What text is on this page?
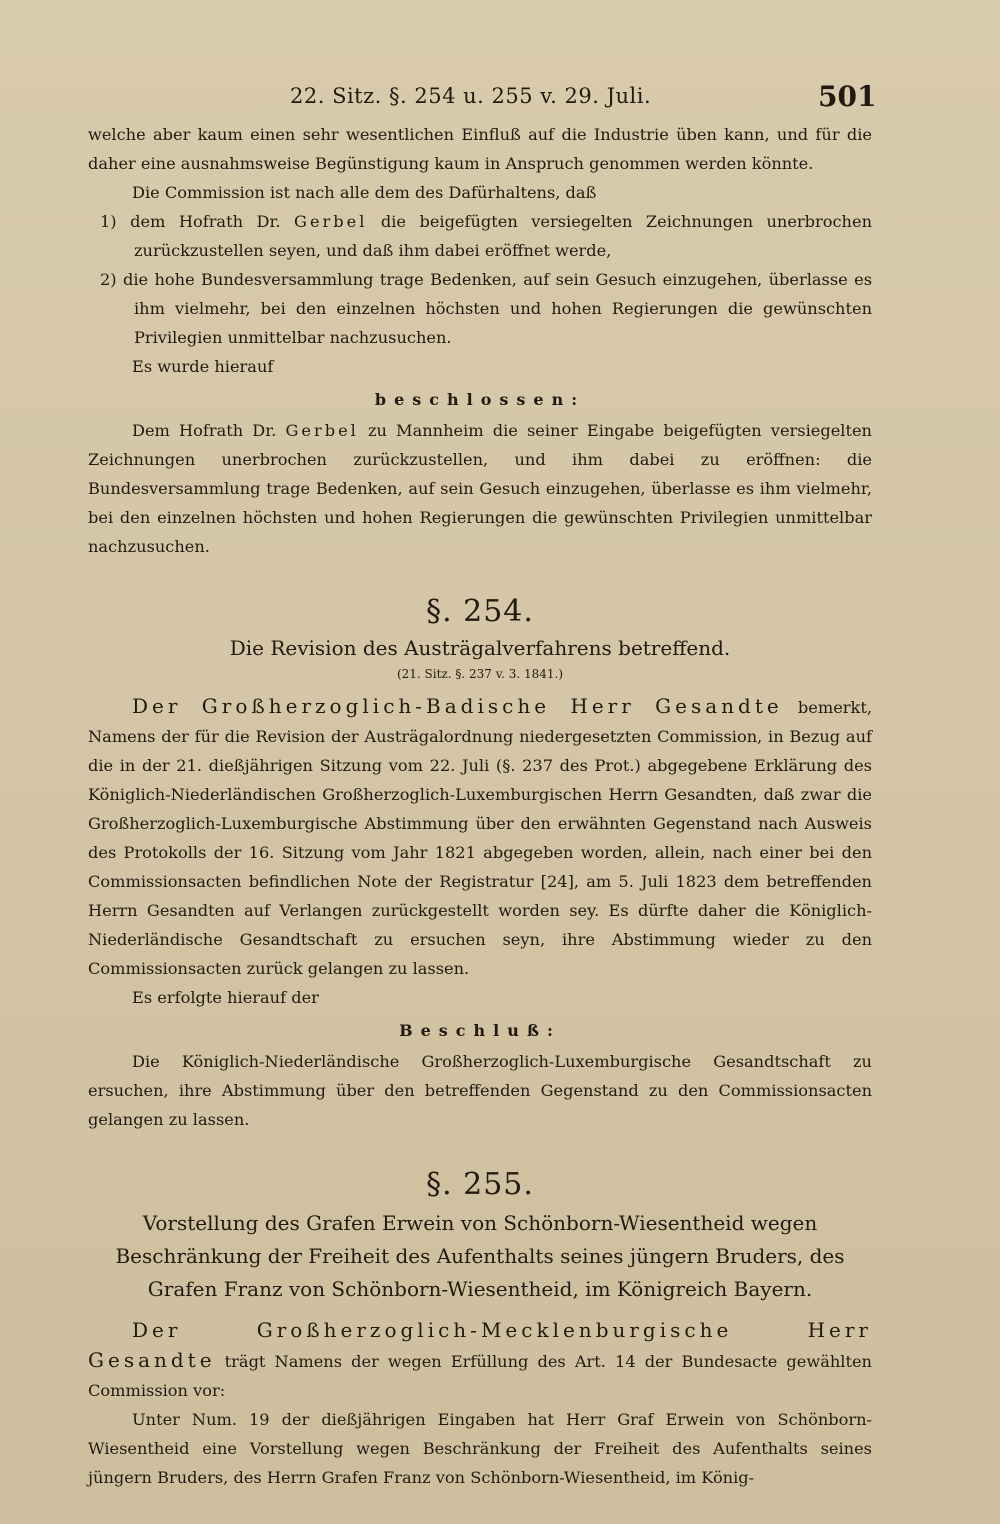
22. Sitz. §. 254 u. 255 v. 29. Juli.	501

welche aber kaum einen sehr wesentlichen Einfluß auf die Industrie üben kann, und für die daher eine ausnahmsweise Begünstigung kaum in Anspruch genommen werden könnte.

Die Commission ist nach alle dem des Dafürhaltens, daß

1) dem Hofrath Dr. Gerbel die beigefügten versiegelten Zeichnungen unerbrochen zurückzustellen seyen, und daß ihm dabei eröffnet werde,

2) die hohe Bundesversammlung trage Bedenken, auf sein Gesuch einzugehen, überlasse es ihm vielmehr, bei den einzelnen höchsten und hohen Regierungen die gewünschten Privilegien unmittelbar nachzusuchen.

Es wurde hierauf

beschlossen:

Dem Hofrath Dr. Gerbel zu Mannheim die seiner Eingabe beigefügten versiegelten Zeichnungen unerbrochen zurückzustellen, und ihm dabei zu eröffnen: die Bundesversammlung trage Bedenken, auf sein Gesuch einzugehen, überlasse es ihm vielmehr, bei den einzelnen höchsten und hohen Regierungen die gewünschten Privilegien unmittelbar nachzusuchen.

§. 254.

Die Revision des Austrägalverfahrens betreffend.

(21. Sitz. §. 237 v. 3. 1841.)

Der Großherzoglich-Badische Herr Gesandte bemerkt, Namens der für die Revision der Austrägalordnung niedergesetzten Commission, in Bezug auf die in der 21. dießjährigen Sitzung vom 22. Juli (§. 237 des Prot.) abgegebene Erklärung des Königlich-Niederländischen Großherzoglich-Luxemburgischen Herrn Gesandten, daß zwar die Großherzoglich-Luxemburgische Abstimmung über den erwähnten Gegenstand nach Ausweis des Protokolls der 16. Sitzung vom Jahr 1821 abgegeben worden, allein, nach einer bei den Commissionsacten befindlichen Note der Registratur [24], am 5. Juli 1823 dem betreffenden Herrn Gesandten auf Verlangen zurückgestellt worden sey. Es dürfte daher die Königlich-Niederländische Gesandtschaft zu ersuchen seyn, ihre Abstimmung wieder zu den Commissionsacten zurück gelangen zu lassen.

Es erfolgte hierauf der

Beschluß:

Die Königlich-Niederländische Großherzoglich-Luxemburgische Gesandtschaft zu ersuchen, ihre Abstimmung über den betreffenden Gegenstand zu den Commissionsacten gelangen zu lassen.

§. 255.

Vorstellung des Grafen Erwein von Schönborn-Wiesentheid wegen Beschränkung der Freiheit des Aufenthalts seines jüngern Bruders, des Grafen Franz von Schönborn-Wiesentheid, im Königreich Bayern.

Der Großherzoglich-Mecklenburgische Herr Gesandte trägt Namens der wegen Erfüllung des Art. 14 der Bundesacte gewählten Commission vor:

Unter Num. 19 der dießjährigen Eingaben hat Herr Graf Erwein von Schönborn-Wiesentheid eine Vorstellung wegen Beschränkung der Freiheit des Aufenthalts seines jüngern Bruders, des Herrn Grafen Franz von Schönborn-Wiesentheid, im König-
